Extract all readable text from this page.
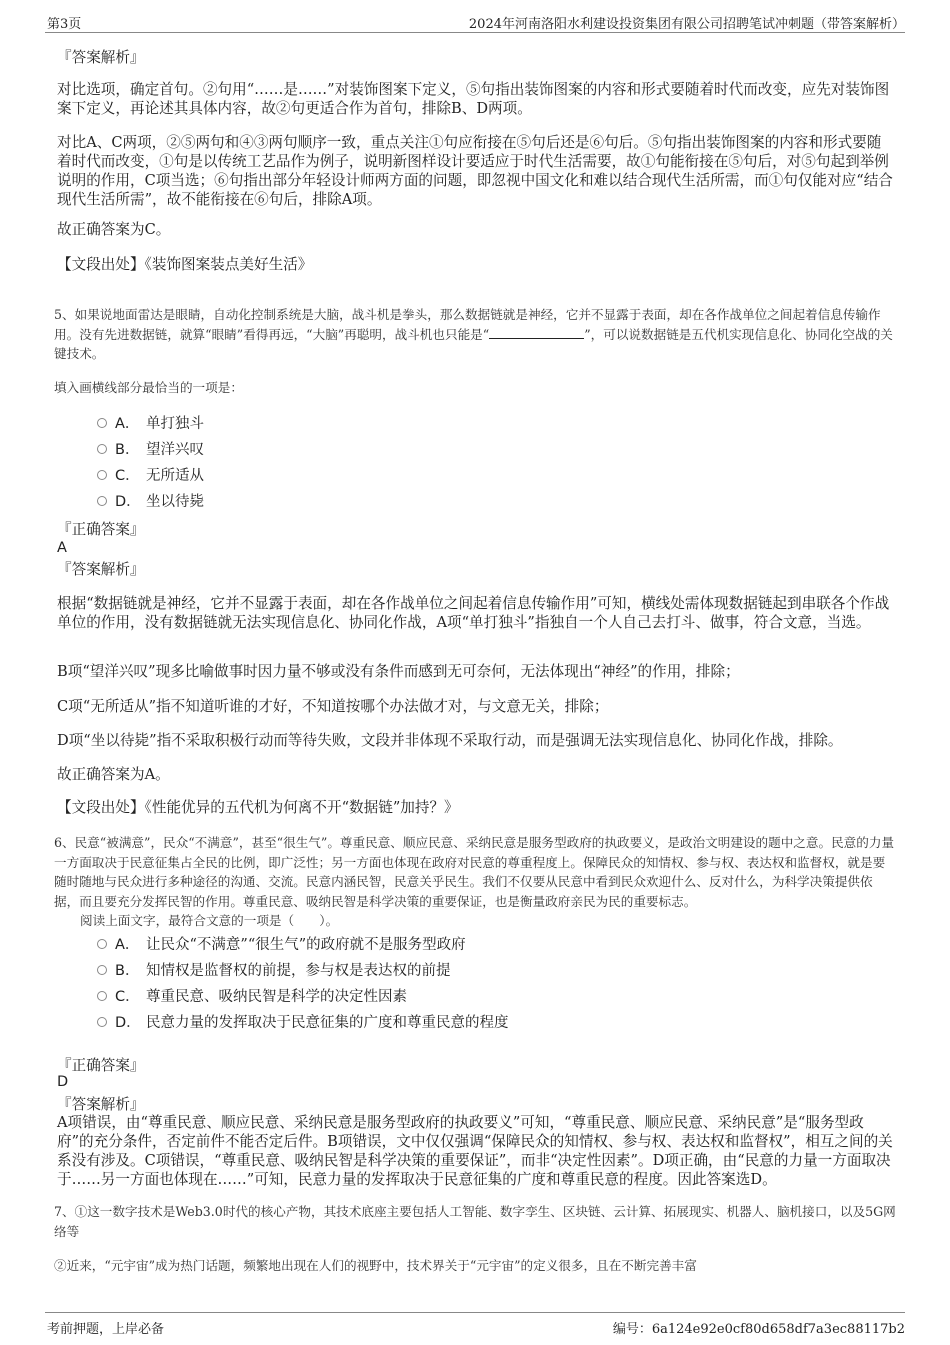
第3页	2024年河南洛阳水利建设投资集团有限公司招聘笔试冲刺题（带答案解析）
『答案解析』
对比选项，确定首句。②句用“……是……”对装饰图案下定义，⑤句指出装饰图案的内容和形式要随着时代而改变，应先对装饰图案下定义，再论述其具体内容，故②句更适合作为首句，排除B、D两项。
对比A、C两项，②⑤两句和④③两句顺序一致，重点关注①句应衔接在⑤句后还是⑥句后。⑤句指出装饰图案的内容和形式要随着时代而改变，①句是以传统工艺品作为例子，说明新图样设计要适应于时代生活需要，故①句能衔接在⑤句后，对⑤句起到举例说明的作用，C项当选；⑥句指出部分年轻设计师两方面的问题，即忽视中国文化和难以结合现代生活所需，而①句仅能对应“结合现代生活所需”，故不能衔接在⑥句后，排除A项。
故正确答案为C。
【文段出处】《装饰图案装点美好生活》
5、如果说地面雷达是眼睛，自动化控制系统是大脑，战斗机是拳头，那么数据链就是神经，它并不显露于表面，却在各作战单位之间起着信息传输作用。没有先进数据链，就算“眼睛”看得再远，“大脑”再聪明，战斗机也只能是“	”，可以说数据链是五代机实现信息化、协同化空战的关键技术。
填入画横线部分最恰当的一项是：
A． 单打独斗
B． 望洋兴叹
C． 无所适从
D． 坐以待毙
『正确答案』
A
『答案解析』
根据“数据链就是神经，它并不显露于表面，却在各作战单位之间起着信息传输作用”可知，横线处需体现数据链起到串联各个作战单位的作用，没有数据链就无法实现信息化、协同化作战，A项“单打独斗”指独自一个人自己去打斗、做事，符合文意，当选。
B项“望洋兴叹”现多比喻做事时因力量不够或没有条件而感到无可奈何，无法体现出“神经”的作用，排除；
C项“无所适从”指不知道听谁的才好，不知道按哪个办法做才对，与文意无关，排除；
D项“坐以待毙”指不采取积极行动而等待失败，文段并非体现不采取行动，而是强调无法实现信息化、协同化作战，排除。
故正确答案为A。
【文段出处】《性能优异的五代机为何离不开“数据链”加持？》
6、民意“被满意”，民众“不满意”，甚至“很生气”。尊重民意、顺应民意、采纳民意是服务型政府的执政要义，是政治文明建设的题中之意。民意的力量一方面取决于民意征集占全民的比例，即广泛性；另一方面也体现在政府对民意的尊重程度上。保障民众的知情权、参与权、表达权和监督权，就是要随时随地与民众进行多种途径的沟通、交流。民意内涵民智，民意关乎民生。我们不仅要从民意中看到民众欢迎什么、反对什么，为科学决策提供依据，而且要充分发挥民智的作用。尊重民意、吸纳民智是科学决策的重要保证，也是衡量政府亲民为民的重要标志。
阅读上面文字，最符合文意的一项是（　　）。
A． 让民众“不满意”“很生气”的政府就不是服务型政府
B． 知情权是监督权的前提，参与权是表达权的前提
C． 尊重民意、吸纳民智是科学的决定性因素
D． 民意力量的发挥取决于民意征集的广度和尊重民意的程度
『正确答案』
D
『答案解析』
A项错误，由“尊重民意、顺应民意、采纳民意是服务型政府的执政要义”可知，“尊重民意、顺应民意、采纳民意”是“服务型政府”的充分条件，否定前件不能否定后件。B项错误，文中仅仅强调“保障民众的知情权、参与权、表达权和监督权”，相互之间的关系没有涉及。C项错误，“尊重民意、吸纳民智是科学决策的重要保证”，而非“决定性因素”。D项正确，由“民意的力量一方面取决于……另一方面也体现在……”可知，民意力量的发挥取决于民意征集的广度和尊重民意的程度。因此答案选D。
7、①这一数字技术是Web3.0时代的核心产物，其技术底座主要包括人工智能、数字孪生、区块链、云计算、拓展现实、机器人、脑机接口，以及5G网络等
②近来，“元宇宙”成为热门话题，频繁地出现在人们的视野中，技术界关于“元宇宙”的定义很多，且在不断完善丰富
考前押题，上岸必备	编号：6a124e92e0cf80d658df7a3ec88117b2
